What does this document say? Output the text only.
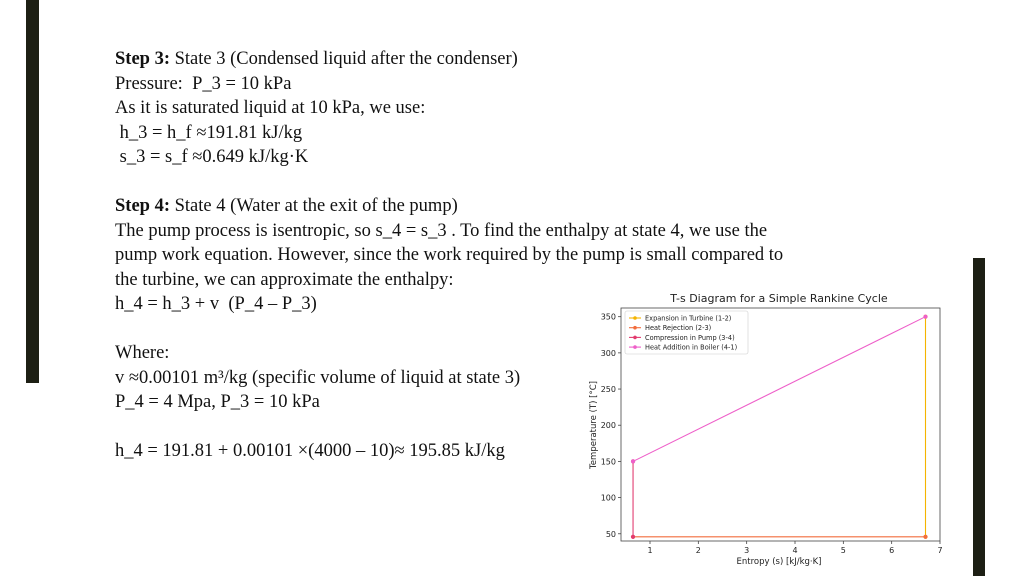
Step 3: State 3 (Condensed liquid after the condenser)
Pressure:  P_3 = 10 kPa
As it is saturated liquid at 10 kPa, we use:
h_3 = h_f ≈191.81 kJ/kg
s_3 = s_f ≈0.649 kJ/kg·K
Step 4: State 4 (Water at the exit of the pump)
The pump process is isentropic, so s_4 = s_3 . To find the enthalpy at state 4, we use the
pump work equation. However, since the work required by the pump is small compared to
the turbine, we can approximate the enthalpy:
h_4 = h_3 + v  (P_4 – P_3)
Where:
v ≈0.00101 m³/kg (specific volume of liquid at state 3)
P_4 = 4 Mpa, P_3 = 10 kPa
h_4 = 191.81 + 0.00101 ×(4000 – 10)≈ 195.85 kJ/kg
T-s Diagram for a Simple Rankine Cycle
Entropy (s) [kJ/kg·K]
Temperature (T) [°C]
1	2	3	4	5	6	7
50
100
150
200
250
300
350	Expansion in Turbine (1-2)
Heat Rejection (2-3)
Compression in Pump (3-4)
Heat Addition in Boiler (4-1)
